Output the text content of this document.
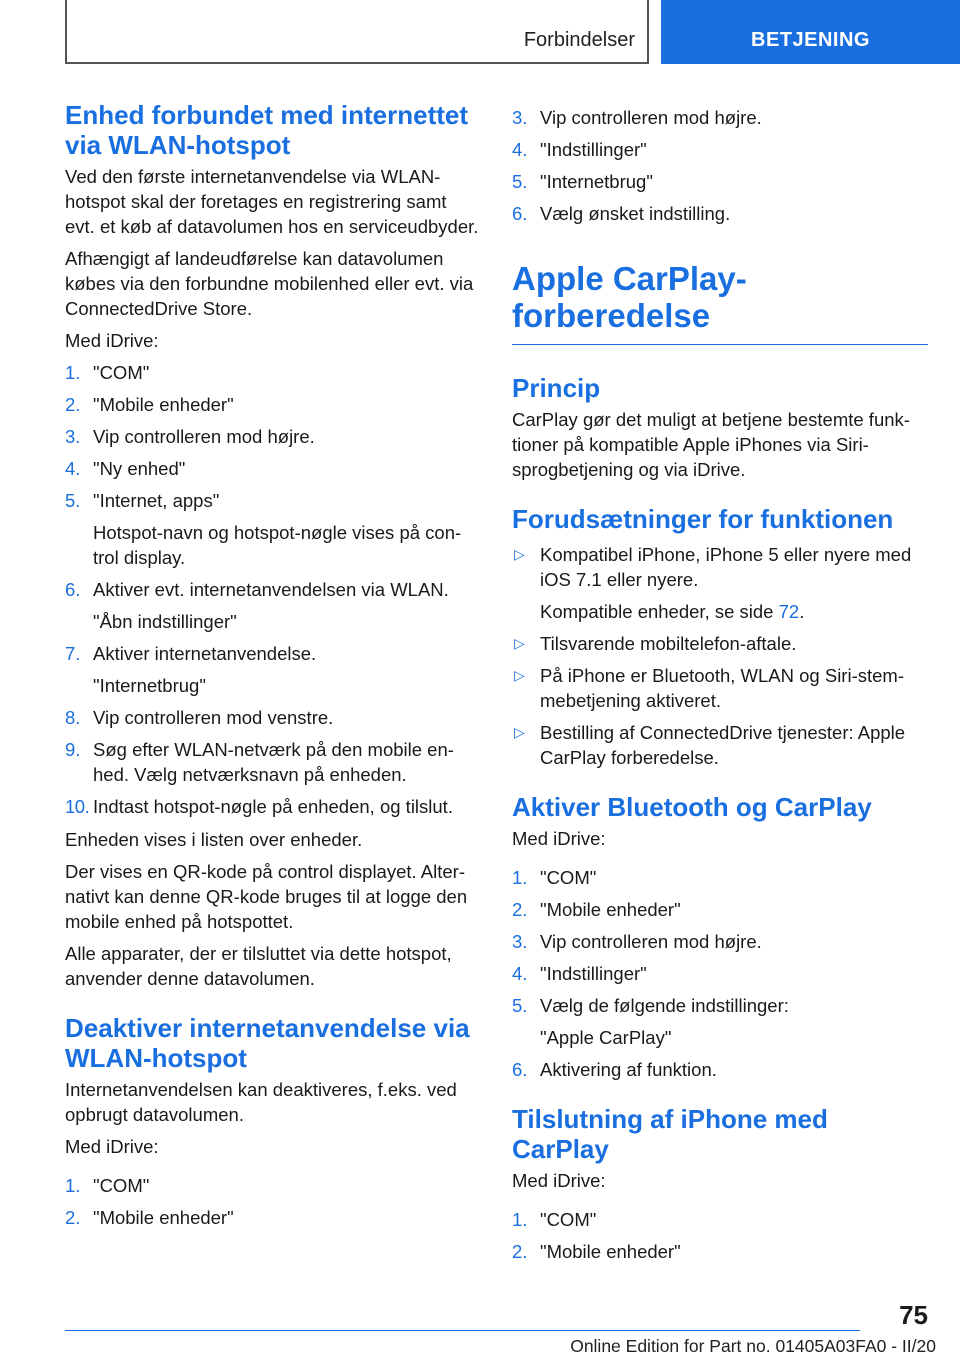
Forbindelser	BETJENING
Enhed forbundet med internettet via WLAN-hotspot

Ved den første internetanvendelse via WLAN-hotspot skal der foretages en registrering samt evt. et køb af datavolumen hos en serviceudbyder.

Afhængigt af landeudførelse kan datavolumen købes via den forbundne mobilenhed eller evt. via ConnectedDrive Store.

Med iDrive:

1. "COM"
2. "Mobile enheder"
3. Vip controlleren mod højre.
4. "Ny enhed"
5. "Internet, apps"
Hotspot-navn og hotspot-nøgle vises på control display.
6. Aktiver evt. internetanvendelsen via WLAN.
"Åbn indstillinger"
7. Aktiver internetanvendelse.
"Internetbrug"
8. Vip controlleren mod venstre.
9. Søg efter WLAN-netværk på den mobile enhed. Vælg netværksnavn på enheden.
10. Indtast hotspot-nøgle på enheden, og tilslut.

Enheden vises i listen over enheder.

Der vises en QR-kode på control displayet. Alternativt kan denne QR-kode bruges til at logge den mobile enhed på hotspottet.

Alle apparater, der er tilsluttet via dette hotspot, anvender denne datavolumen.

Deaktiver internetanvendelse via WLAN-hotspot

Internetanvendelsen kan deaktiveres, f.eks. ved opbrugt datavolumen.

Med iDrive:

1. "COM"
2. "Mobile enheder"
3. Vip controlleren mod højre.
4. "Indstillinger"
5. "Internetbrug"
6. Vælg ønsket indstilling.
Apple CarPlay-forberedelse
Princip

CarPlay gør det muligt at betjene bestemte funktioner på kompatible Apple iPhones via Siri-sprogbetjening og via iDrive.

Forudsætninger for funktionen
▷ Kompatibel iPhone, iPhone 5 eller nyere med iOS 7.1 eller nyere.
Kompatible enheder, se side 72.
▷ Tilsvarende mobiltelefon-aftale.
▷ På iPhone er Bluetooth, WLAN og Siri-stemmebetjening aktiveret.
▷ Bestilling af ConnectedDrive tjenester: Apple CarPlay forberedelse.
Aktiver Bluetooth og CarPlay

Med iDrive:

1. "COM"
2. "Mobile enheder"
3. Vip controlleren mod højre.
4. "Indstillinger"
5. Vælg de følgende indstillinger:
"Apple CarPlay"
6. Aktivering af funktion.
Tilslutning af iPhone med CarPlay

Med iDrive:

1. "COM"
2. "Mobile enheder"
75
Online Edition for Part no. 01405A03FA0 - II/20
